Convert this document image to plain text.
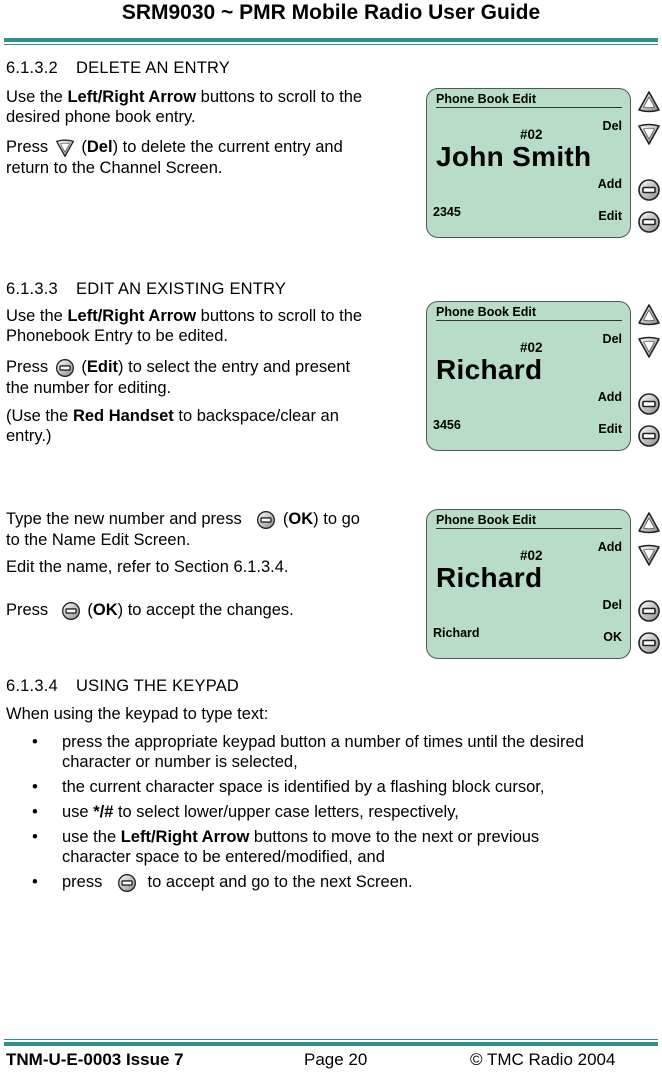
SRM9030 ~ PMR Mobile Radio User Guide
6.1.3.2 DELETE AN ENTRY
Use the Left/Right Arrow buttons to scroll to the
desired phone book entry.
Press (Del) to delete the current entry and
return to the Channel Screen.
Phone Book Edit
Del
#02
John Smith
Add
2345	Edit
6.1.3.3 EDIT AN EXISTING ENTRY
Use the Left/Right Arrow buttons to scroll to the
Phonebook Entry to be edited.
Press (Edit) to select the entry and present
the number for editing.
(Use the Red Handset to backspace/clear an
entry.)
Phone Book Edit
Del
#02
Richard
Add
3456	Edit
Type the new number and press (OK) to go
to the Name Edit Screen.
Edit the name, refer to Section 6.1.3.4.
Press (OK) to accept the changes.
Phone Book Edit
Add
#02
Richard
Del
Richard	OK
6.1.3.4 USING THE KEYPAD
When using the keypad to type text:
• press the appropriate keypad button a number of times until the desired
character or number is selected,
• the current character space is identified by a flashing block cursor,
• use */# to select lower/upper case letters, respectively,
• use the Left/Right Arrow buttons to move to the next or previous
character space to be entered/modified, and
• press	to accept and go to the next Screen.
TNM-U-E-0003 Issue 7	Page 20	© TMC Radio 2004
